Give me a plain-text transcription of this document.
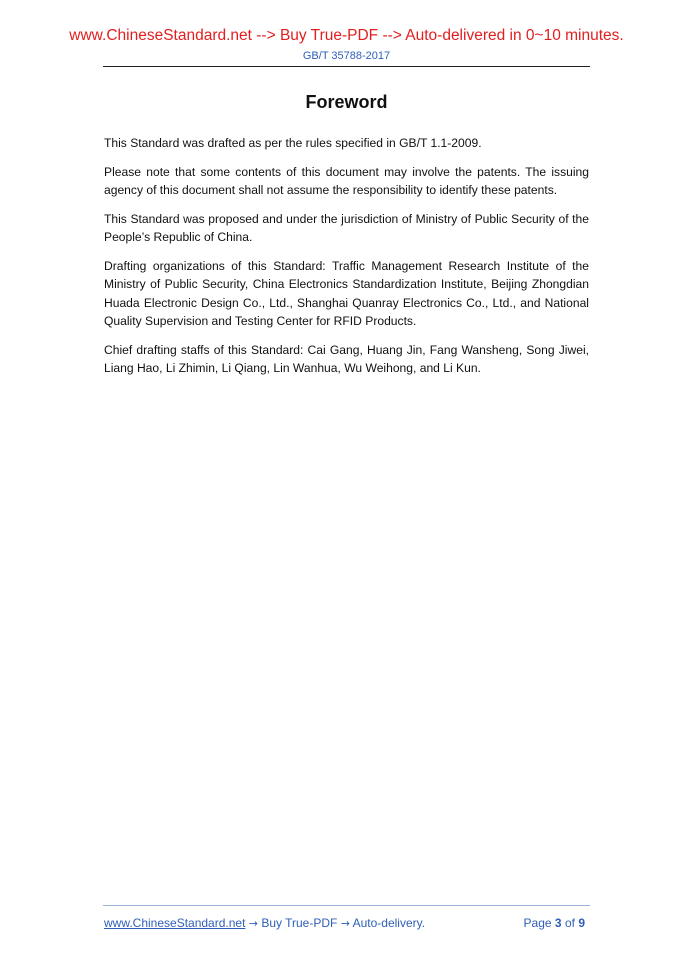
www.ChineseStandard.net --> Buy True-PDF --> Auto-delivered in 0~10 minutes.
GB/T 35788-2017
Foreword

This Standard was drafted as per the rules specified in GB/T 1.1-2009.

Please note that some contents of this document may involve the patents. The issuing agency of this document shall not assume the responsibility to identify these patents.

This Standard was proposed and under the jurisdiction of Ministry of Public Security of the People’s Republic of China.

Drafting organizations of this Standard: Traffic Management Research Institute of the Ministry of Public Security, China Electronics Standardization Institute, Beijing Zhongdian Huada Electronic Design Co., Ltd., Shanghai Quanray Electronics Co., Ltd., and National Quality Supervision and Testing Center for RFID Products.

Chief drafting staffs of this Standard: Cai Gang, Huang Jin, Fang Wansheng, Song Jiwei, Liang Hao, Li Zhimin, Li Qiang, Lin Wanhua, Wu Weihong, and Li Kun.

www.ChineseStandard.net → Buy True-PDF → Auto-delivery.	Page 3 of 9
